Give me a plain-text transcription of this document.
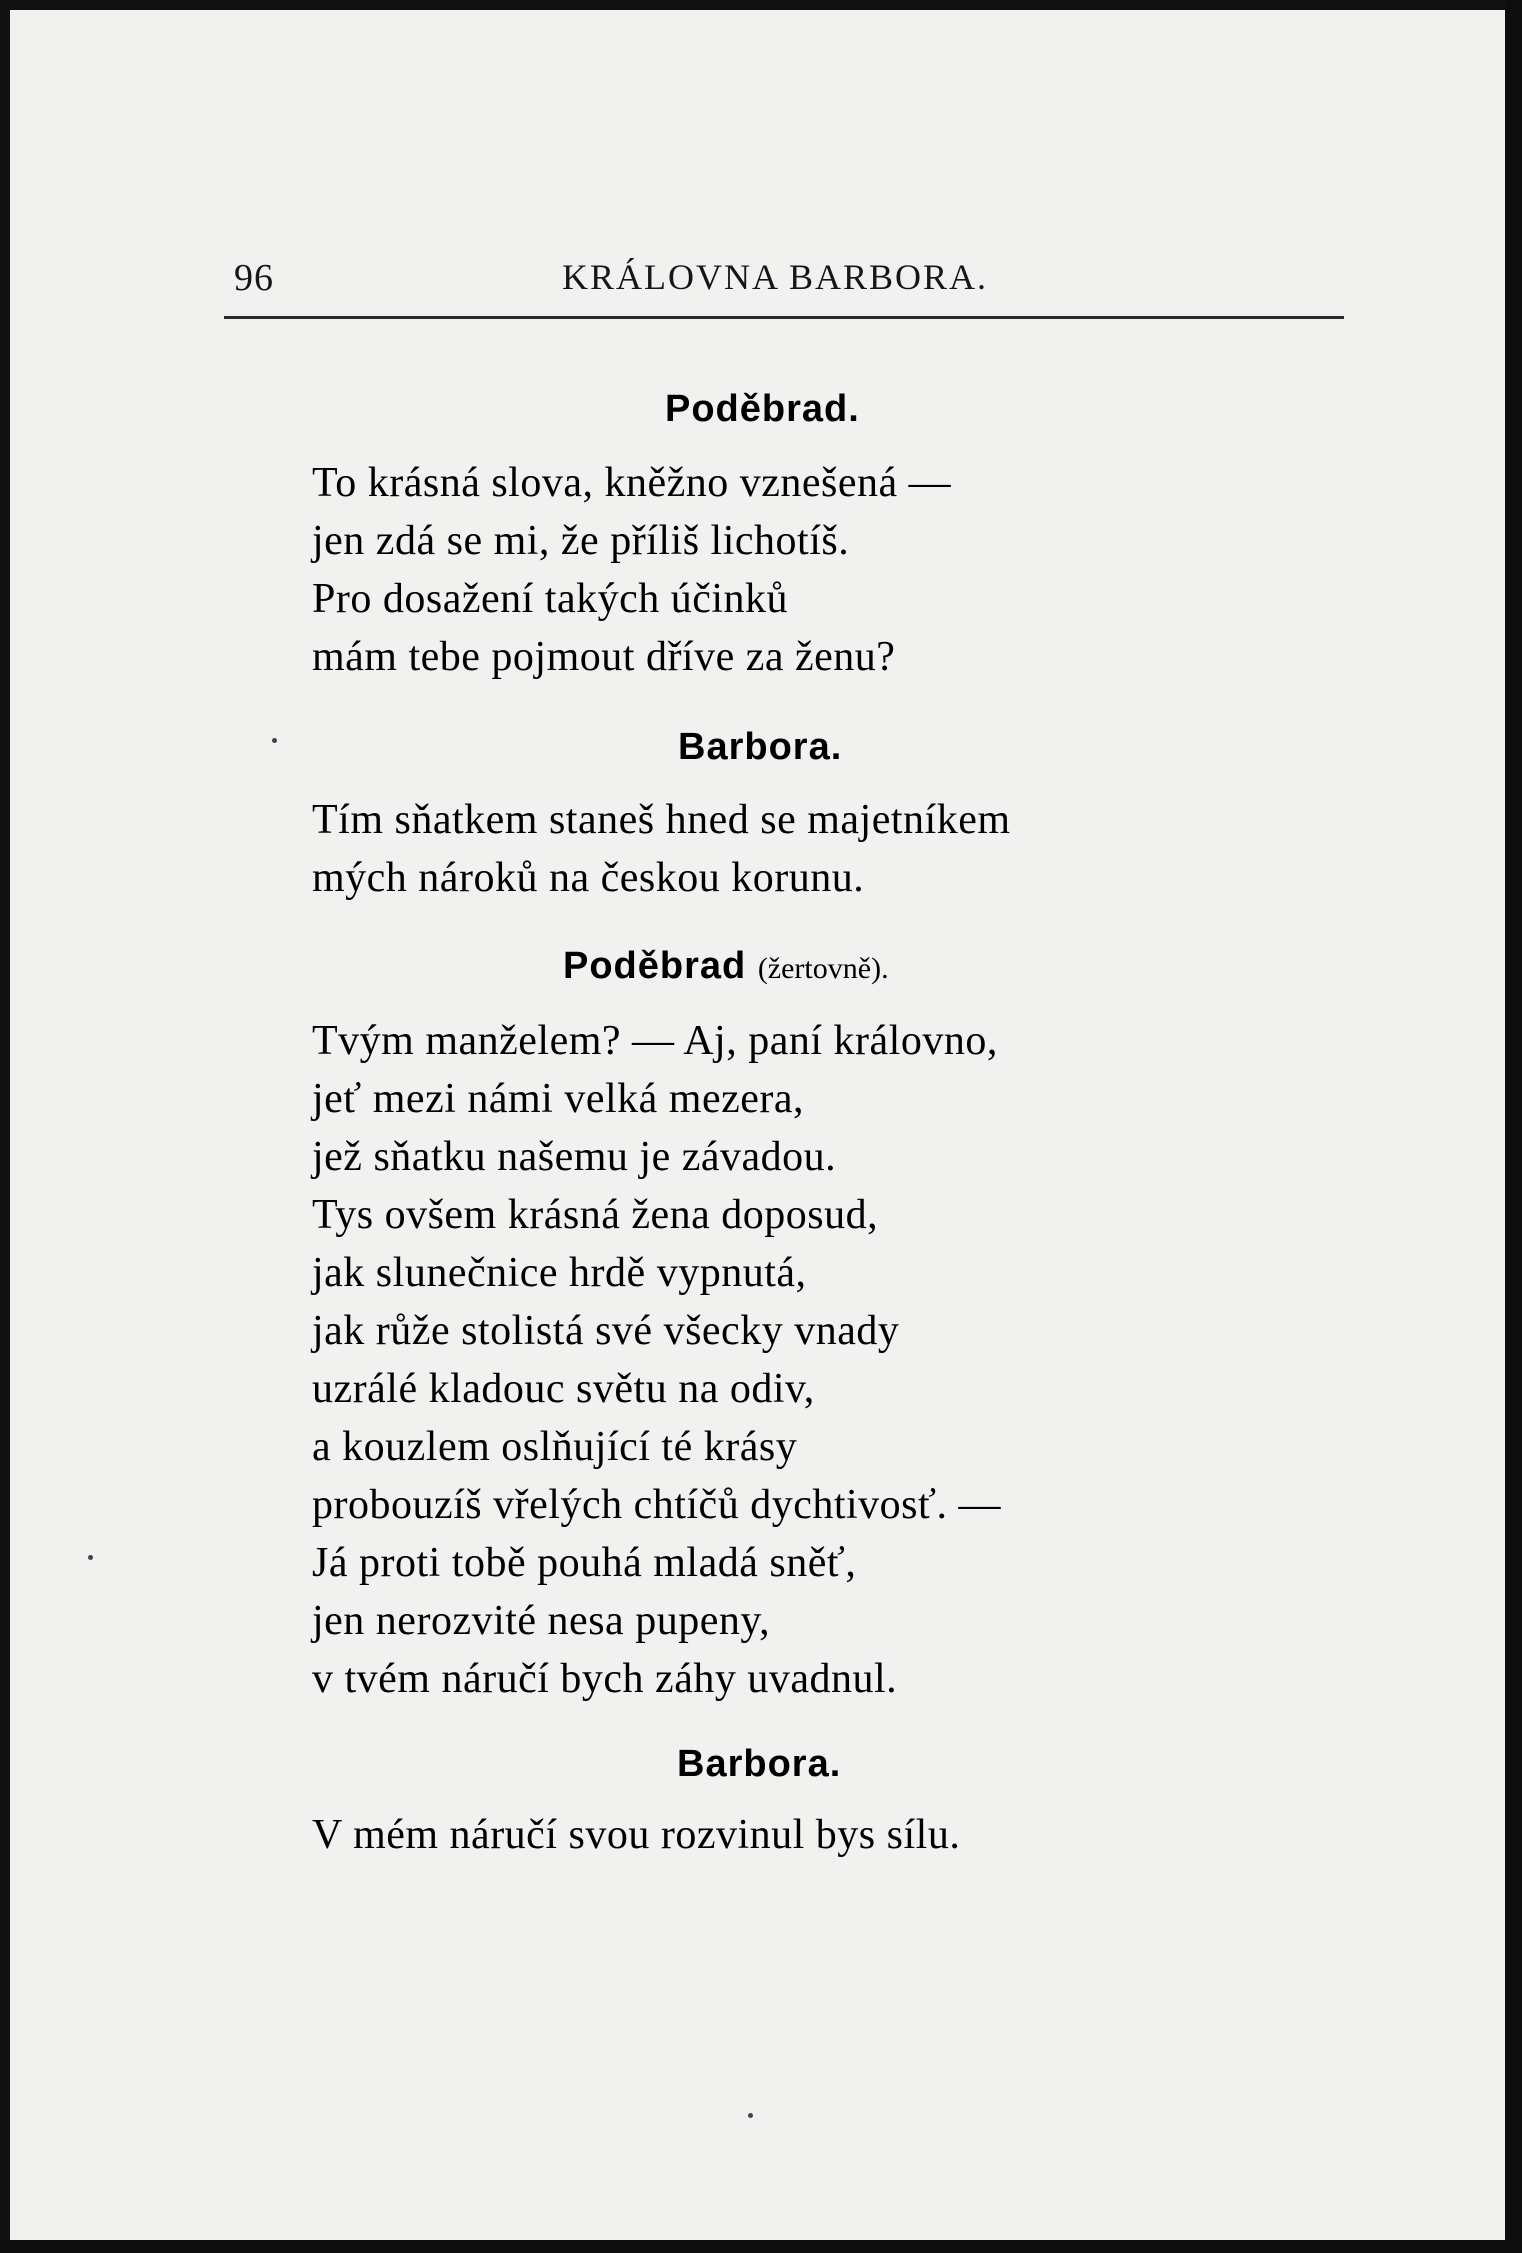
96	KRÁLOVNA BARBORA.
Poděbrad.
To krásná slova, kněžno vznešená —
jen zdá se mi, že příliš lichotíš.
Pro dosažení takých účinků
mám tebe pojmout dříve za ženu?
Barbora.
Tím sňatkem staneš hned se majetníkem
mých nároků na českou korunu.
Poděbrad (žertovně).
Tvým manželem? — Aj, paní královno,
jeť mezi námi velká mezera,
jež sňatku našemu je závadou.
Tys ovšem krásná žena doposud,
jak slunečnice hrdě vypnutá,
jak růže stolistá své všecky vnady
uzrálé kladouc světu na odiv,
a kouzlem oslňující té krásy
probouzíš vřelých chtíčů dychtivosť. —
Já proti tobě pouhá mladá sněť,
jen nerozvité nesa pupeny,
v tvém náručí bych záhy uvadnul.
Barbora.
V mém náručí svou rozvinul bys sílu.
